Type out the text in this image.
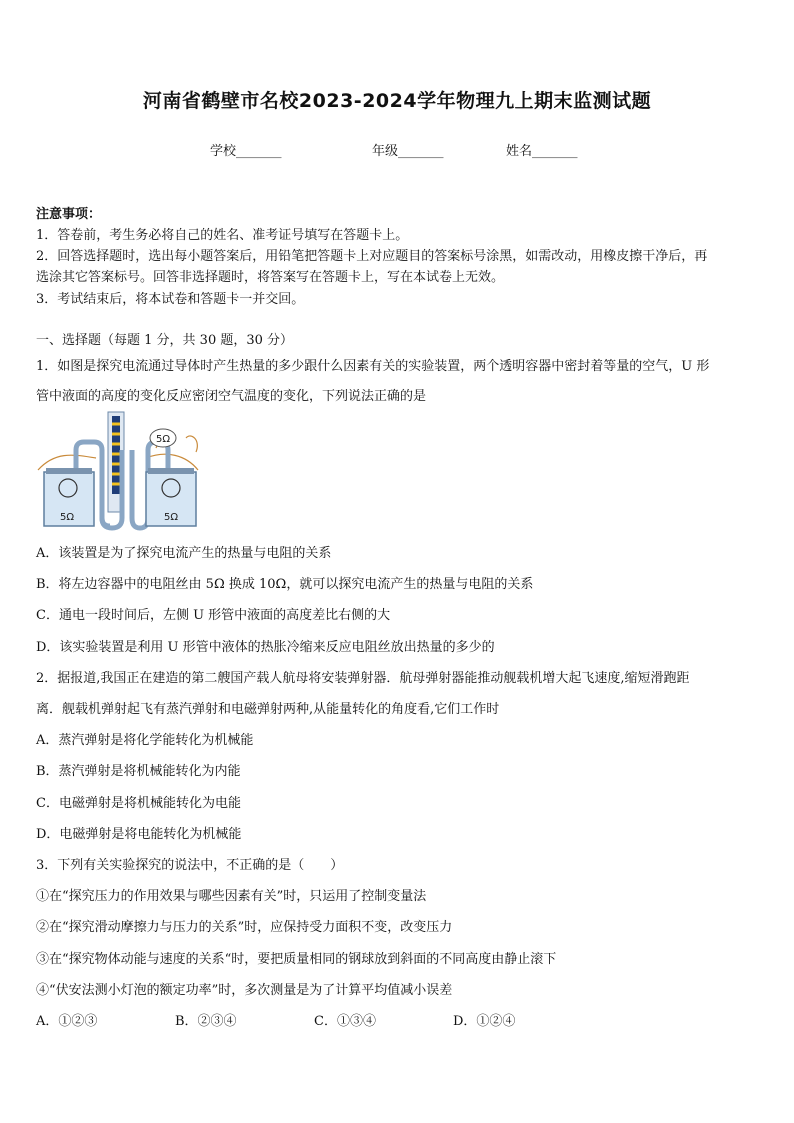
河南省鹤壁市名校2023-2024学年物理九上期末监测试题
学校_______	年级_______	姓名_______
注意事项：
1．答卷前，考生务必将自己的姓名、准考证号填写在答题卡上。
2．回答选择题时，选出每小题答案后，用铅笔把答题卡上对应题目的答案标号涂黑，如需改动，用橡皮擦干净后，再
选涂其它答案标号。回答非选择题时，将答案写在答题卡上，写在本试卷上无效。
3．考试结束后，将本试卷和答题卡一并交回。
一、选择题（每题 1 分，共 30 题，30 分）
1．如图是探究电流通过导体时产生热量的多少跟什么因素有关的实验装置，两个透明容器中密封着等量的空气，U 形
管中液面的高度的变化反应密闭空气温度的变化，下列说法正确的是
5Ω
5Ω	5Ω
A．该装置是为了探究电流产生的热量与电阻的关系
B．将左边容器中的电阻丝由 5Ω 换成 10Ω，就可以探究电流产生的热量与电阻的关系
C．通电一段时间后，左侧 U 形管中液面的高度差比右侧的大
D．该实验装置是利用 U 形管中液体的热胀冷缩来反应电阻丝放出热量的多少的
2．据报道,我国正在建造的第二艘国产载人航母将安装弹射器．航母弹射器能推动舰载机增大起飞速度,缩短滑跑距
离．舰载机弹射起飞有蒸汽弹射和电磁弹射两种,从能量转化的角度看,它们工作时
A．蒸汽弹射是将化学能转化为机械能
B．蒸汽弹射是将机械能转化为内能
C．电磁弹射是将机械能转化为电能
D．电磁弹射是将电能转化为机械能
3．下列有关实验探究的说法中，不正确的是（　　）
①在“探究压力的作用效果与哪些因素有关”时，只运用了控制变量法
②在“探究滑动摩擦力与压力的关系”时，应保持受力面积不变，改变压力
③在“探究物体动能与速度的关系“时，要把质量相同的钢球放到斜面的不同高度由静止滚下
④“伏安法测小灯泡的额定功率”时，多次测量是为了计算平均值减小误差
A．①②③	B．②③④	C．①③④	D．①②④
